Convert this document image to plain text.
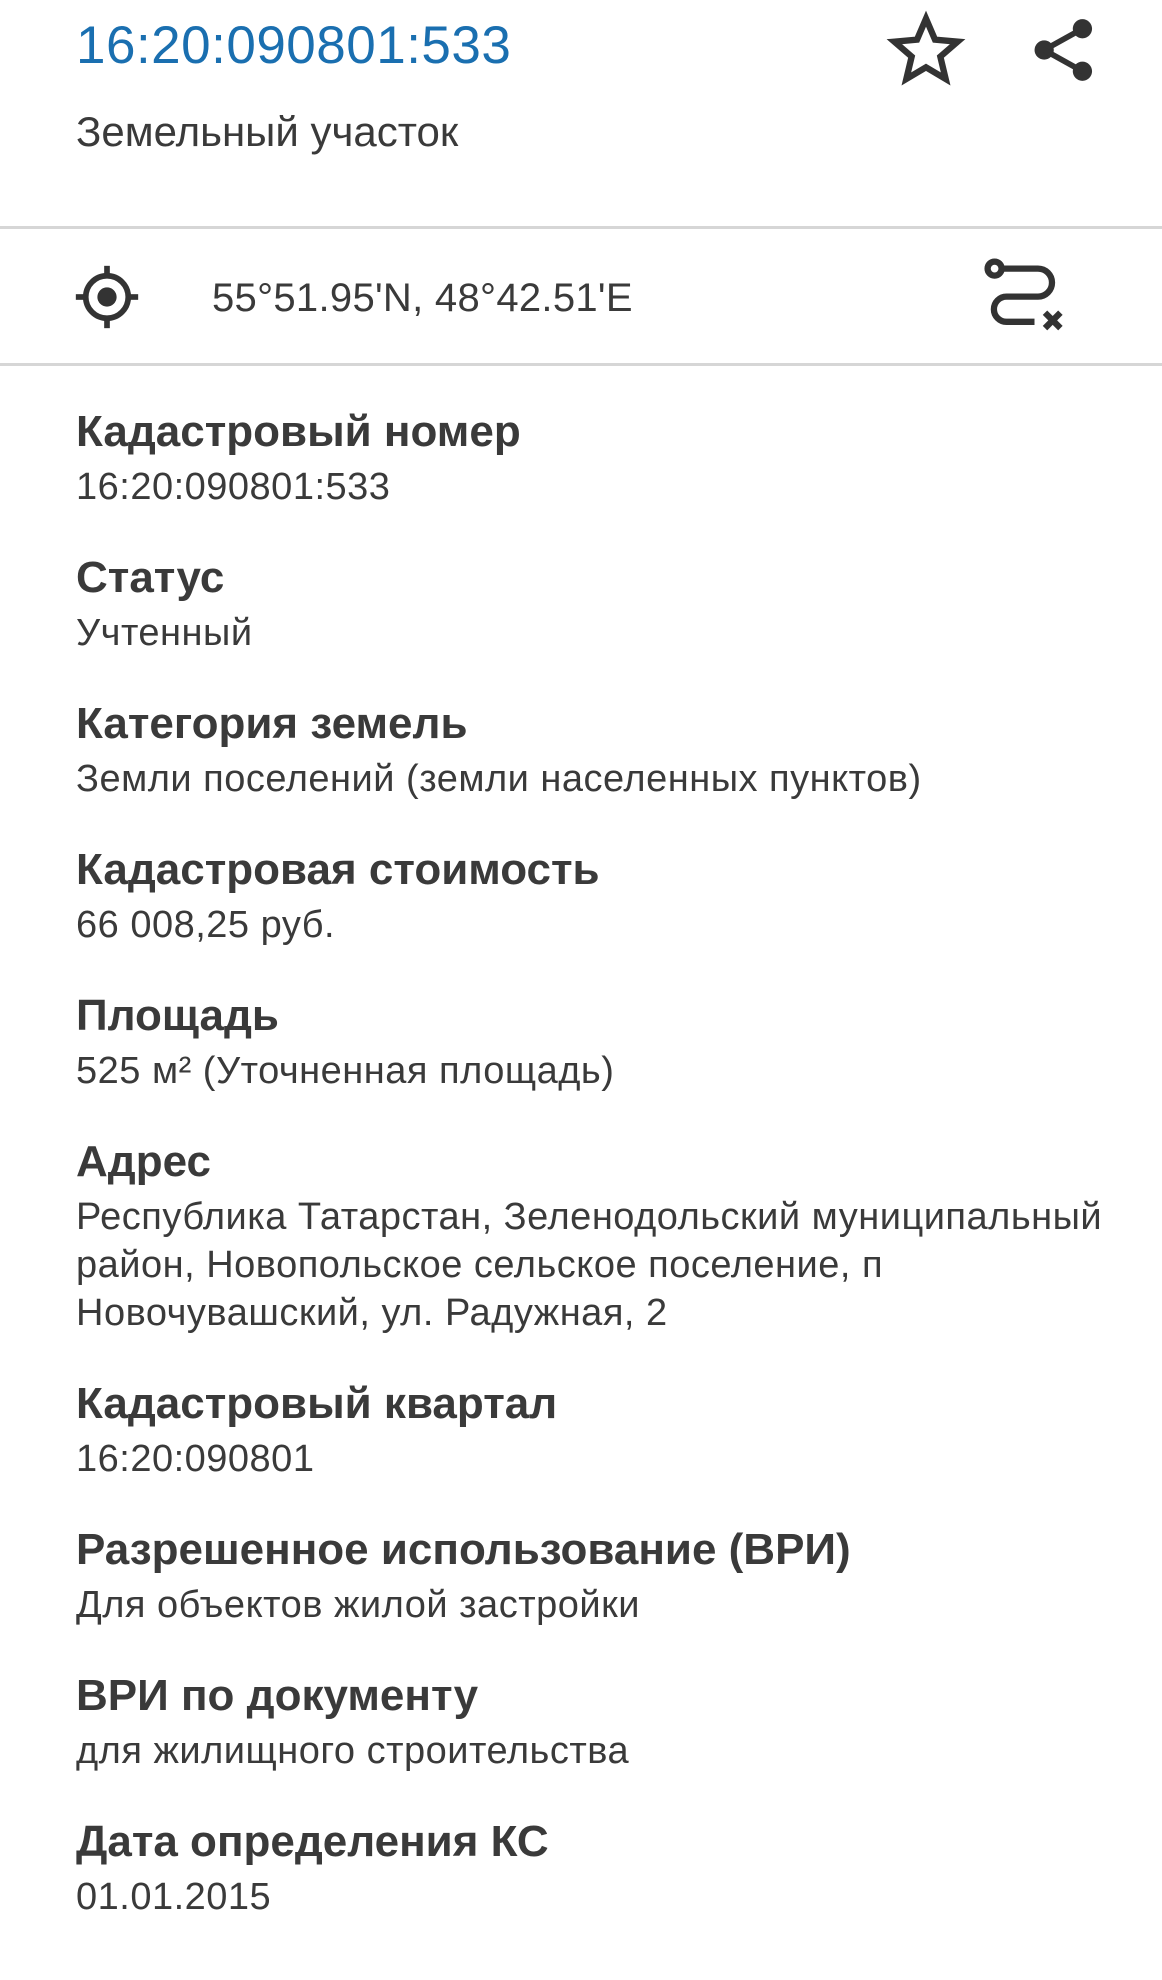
16:20:090801:533
Земельный участок
55°51.95'N, 48°42.51'E
Кадастровый номер
16:20:090801:533
Статус
Учтенный
Категория земель
Земли поселений (земли населенных пунктов)
Кадастровая стоимость
66 008,25 руб.
Площадь
525 м² (Уточненная площадь)
Адрес
Республика Татарстан, Зеленодольский муниципальный район, Новопольское сельское поселение, п Новочувашский, ул. Радужная, 2
Кадастровый квартал
16:20:090801
Разрешенное использование (ВРИ)
Для объектов жилой застройки
ВРИ по документу
для жилищного строительства
Дата определения КС
01.01.2015
